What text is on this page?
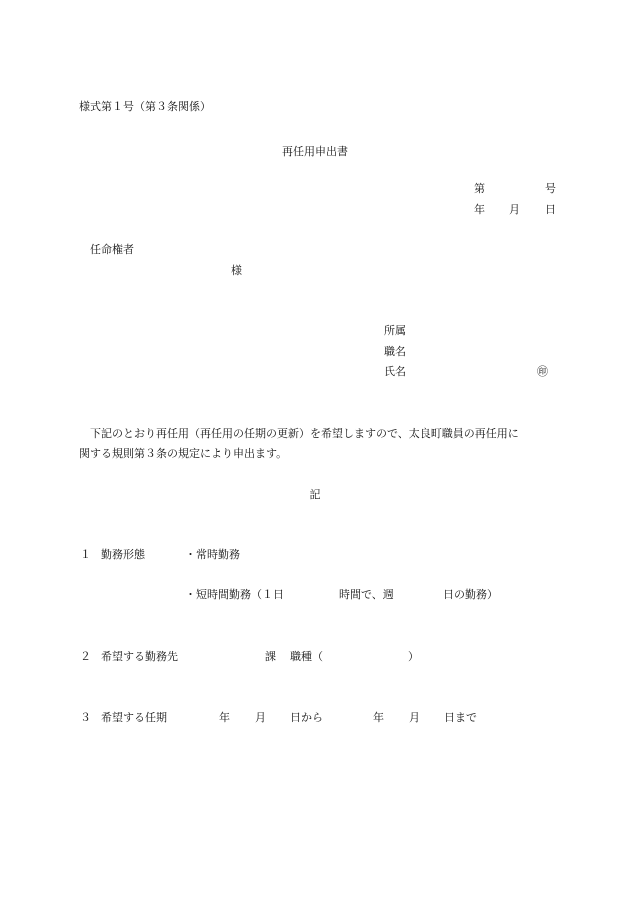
様式第１号（第３条関係）
再任用申出書
第	号
年 月 日
任命権者
様
所属
職名
氏名	㊞
下記のとおり再任用（再任用の任期の更新）を希望しますので、太良町職員の再任用に
関する規則第３条の規定により申出ます。
記
１ 勤務形態	・常時勤務
・短時間勤務（１日	時間で、週	日の勤務）
２ 希望する勤務先	課 職種（	）
３ 希望する任期	年 月 日から	年 月 日まで
